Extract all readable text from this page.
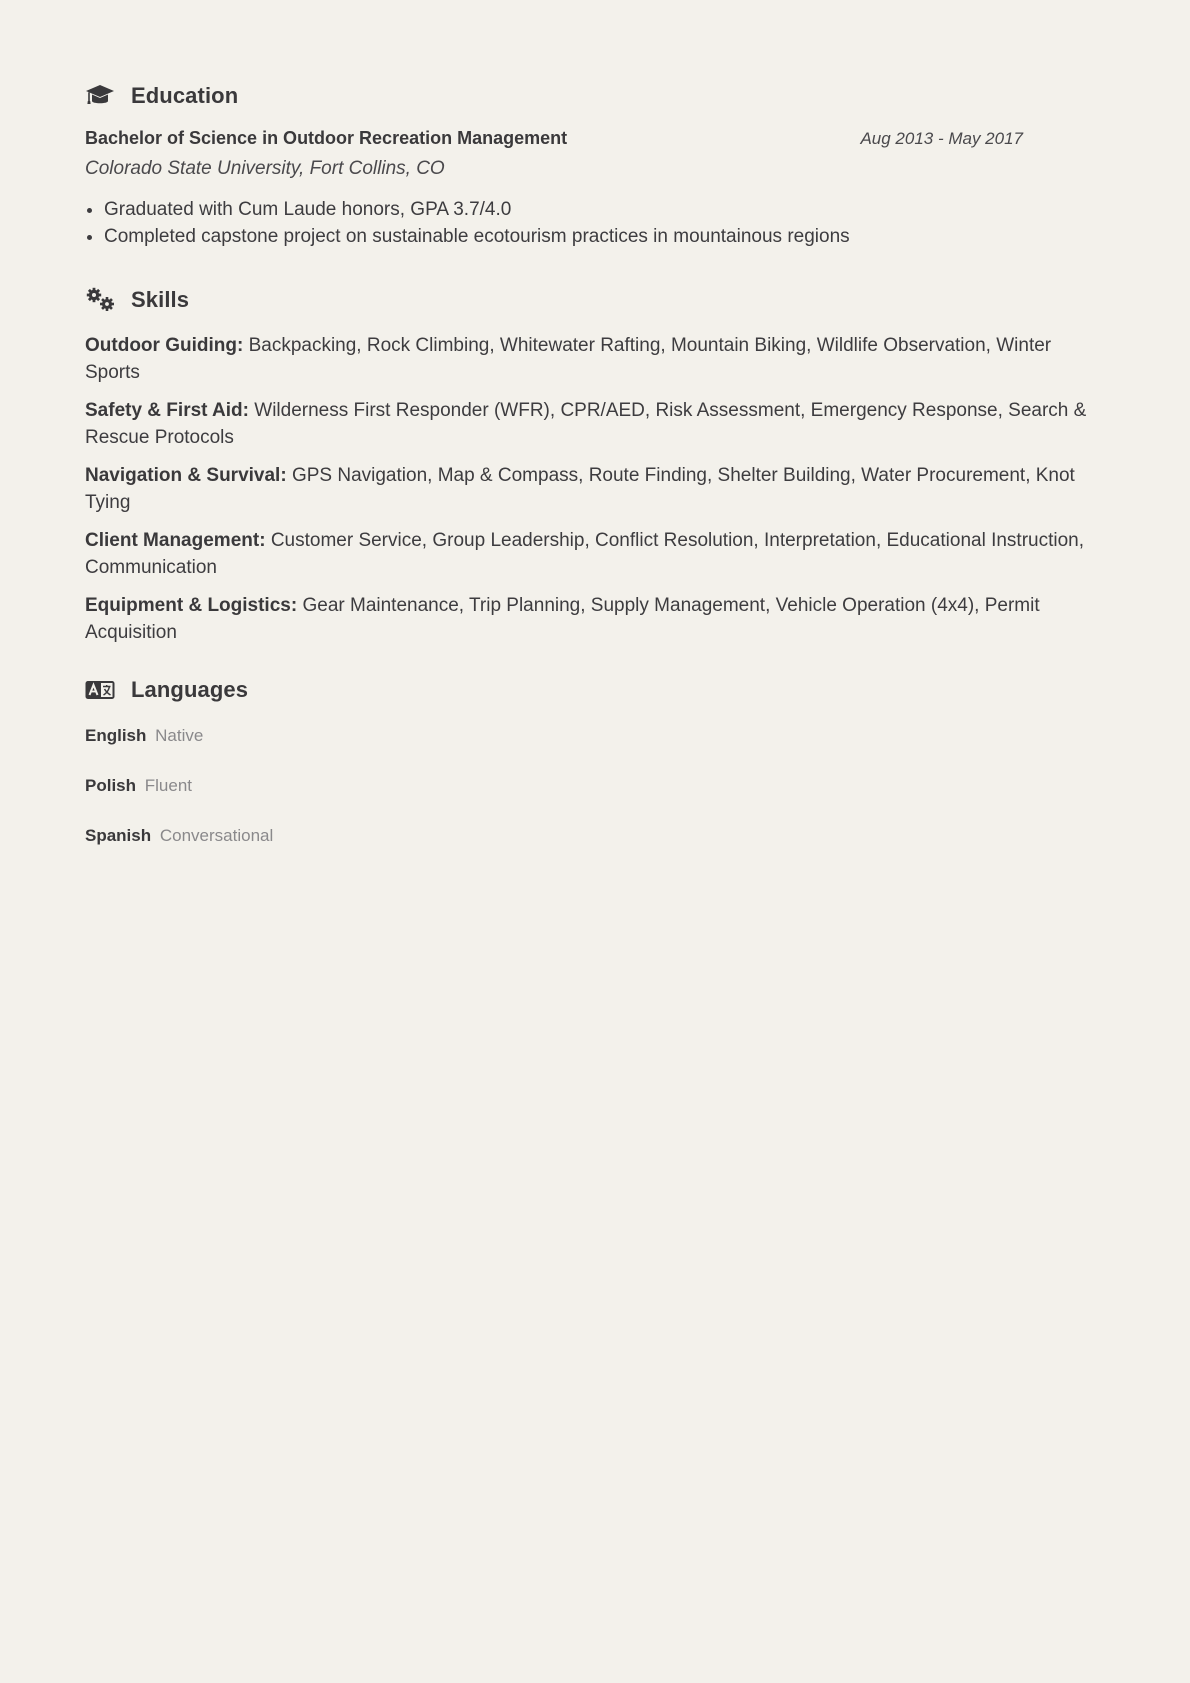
Education
Bachelor of Science in Outdoor Recreation Management	Aug 2013 - May 2017
Colorado State University, Fort Collins, CO
• Graduated with Cum Laude honors, GPA 3.7/4.0
• Completed capstone project on sustainable ecotourism practices in mountainous regions
Skills
Outdoor Guiding: Backpacking, Rock Climbing, Whitewater Rafting, Mountain Biking, Wildlife Observation, Winter Sports
Safety & First Aid: Wilderness First Responder (WFR), CPR/AED, Risk Assessment, Emergency Response, Search & Rescue Protocols
Navigation & Survival: GPS Navigation, Map & Compass, Route Finding, Shelter Building, Water Procurement, Knot Tying
Client Management: Customer Service, Group Leadership, Conflict Resolution, Interpretation, Educational Instruction, Communication
Equipment & Logistics: Gear Maintenance, Trip Planning, Supply Management, Vehicle Operation (4x4), Permit Acquisition
Languages
English Native
Polish Fluent
Spanish Conversational
